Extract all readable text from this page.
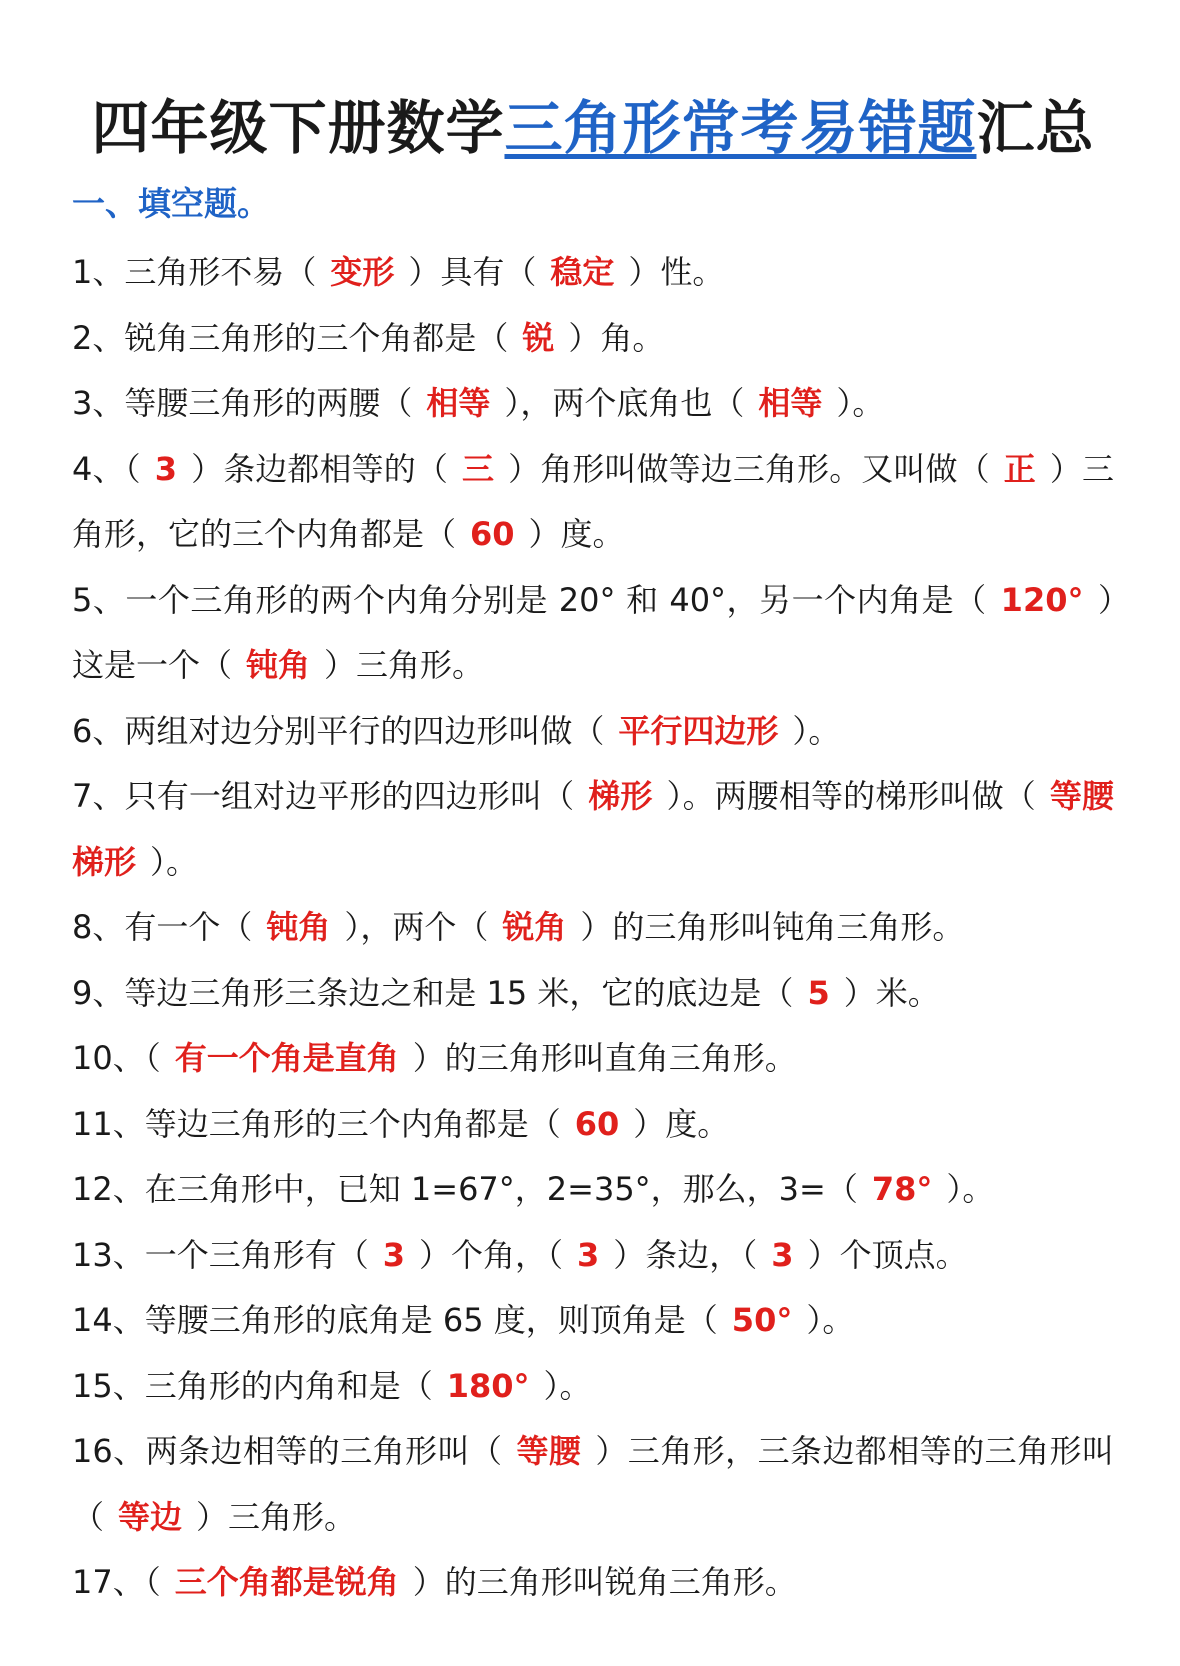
四年级下册数学三角形常考易错题汇总
一、填空题。
1、三角形不易（ 变形 ）具有（ 稳定 ）性。
2、锐角三角形的三个角都是（ 锐 ）角。
3、等腰三角形的两腰（ 相等 ），两个底角也（ 相等 ）。
4、（ 3 ）条边都相等的（ 三 ）角形叫做等边三角形。又叫做（ 正 ）三角形，它的三个内角都是（ 60 ）度。
5、一个三角形的两个内角分别是 20° 和 40°，另一个内角是（ 120° ）这是一个（ 钝角 ）三角形。
6、两组对边分别平行的四边形叫做（ 平行四边形 ）。
7、只有一组对边平形的四边形叫（ 梯形 ）。两腰相等的梯形叫做（ 等腰梯形 ）。
8、有一个（ 钝角 ），两个（ 锐角 ）的三角形叫钝角三角形。
9、等边三角形三条边之和是 15 米，它的底边是（ 5 ）米。
10、（ 有一个角是直角 ）的三角形叫直角三角形。
11、等边三角形的三个内角都是（ 60 ）度。
12、在三角形中，已知 1=67°，2=35°，那么，3=（ 78° ）。
13、一个三角形有（ 3 ）个角，（ 3 ）条边，（ 3 ）个顶点。
14、等腰三角形的底角是 65 度，则顶角是（ 50° ）。
15、三角形的内角和是（ 180° ）。
16、两条边相等的三角形叫（ 等腰 ）三角形，三条边都相等的三角形叫（ 等边 ）三角形。
17、（ 三个角都是锐角 ）的三角形叫锐角三角形。
